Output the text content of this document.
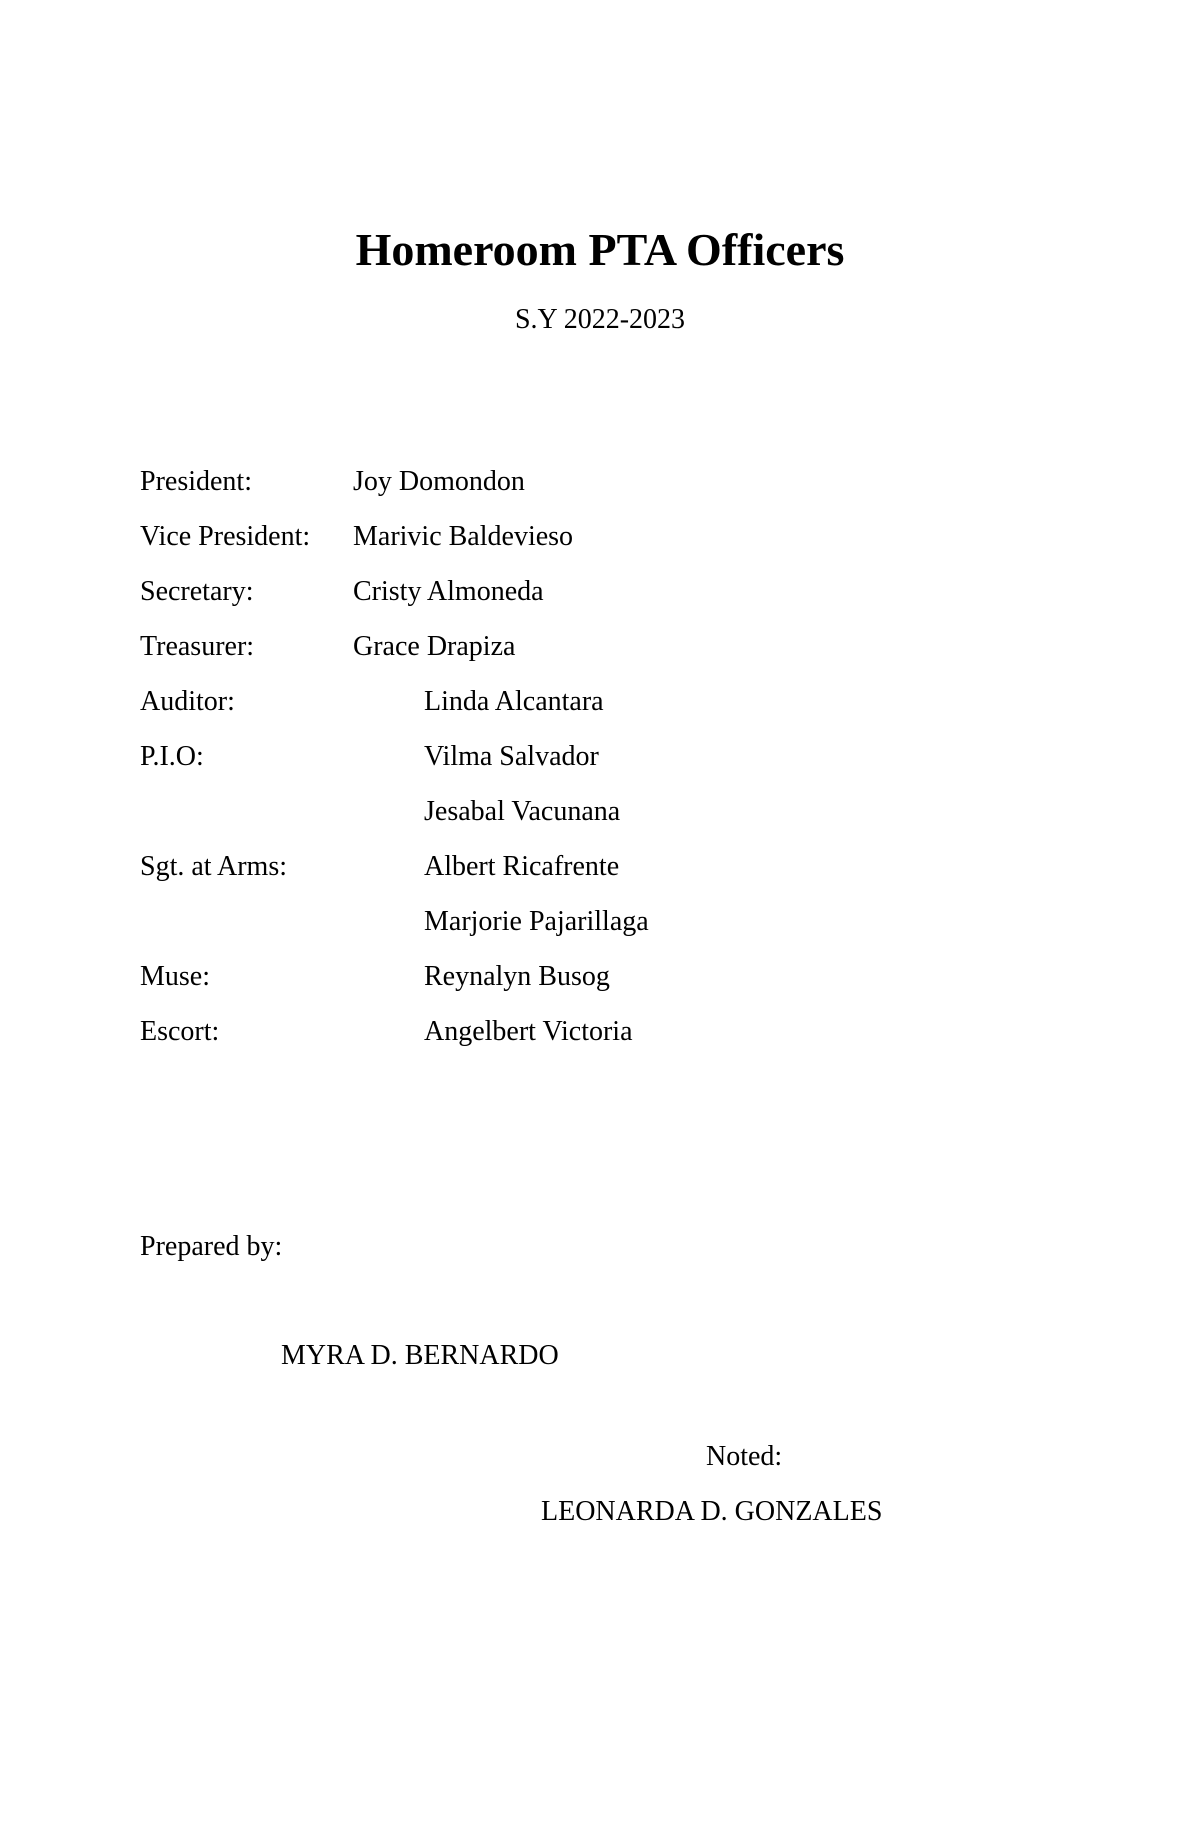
Homeroom PTA Officers
S.Y 2022-2023
President:	Joy Domondon
Vice President: Marivic Baldevieso
Secretary:	Cristy Almoneda
Treasurer:	Grace Drapiza
Auditor:	Linda Alcantara
P.I.O:	Vilma Salvador
Jesabal Vacunana
Sgt. at Arms:	Albert Ricafrente
Marjorie Pajarillaga
Muse:	Reynalyn Busog
Escort:	Angelbert Victoria
Prepared by:
MYRA D. BERNARDO
Noted:
LEONARDA D. GONZALES
